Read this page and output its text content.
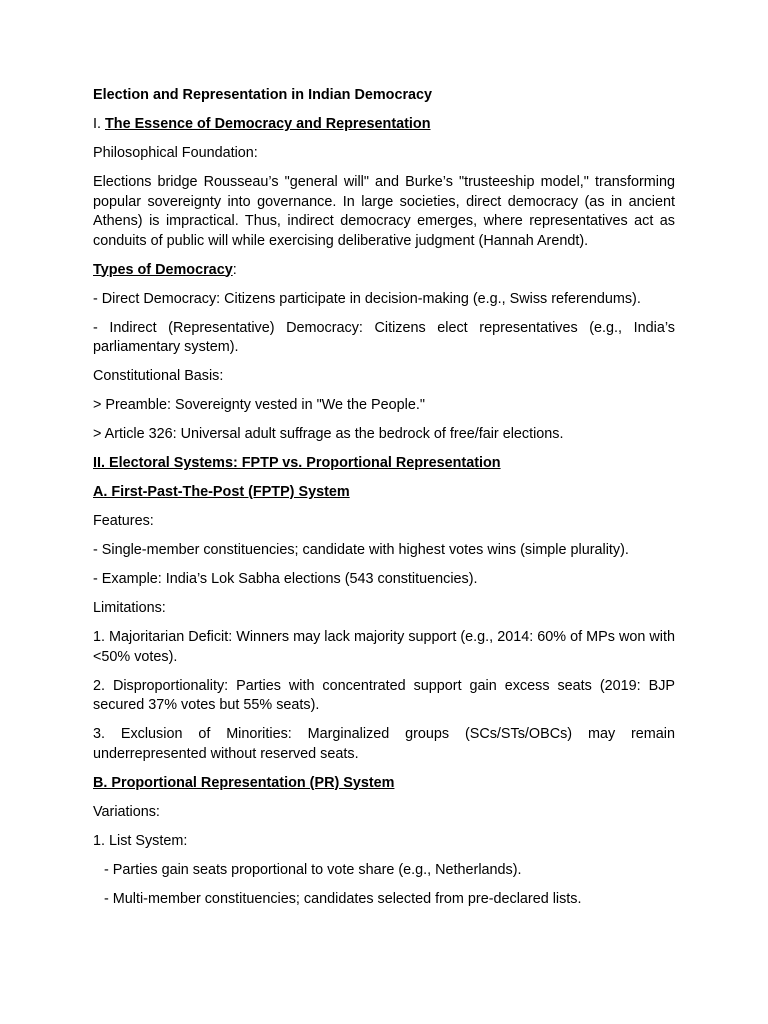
Election and Representation in Indian Democracy

I. The Essence of Democracy and Representation

Philosophical Foundation:

Elections bridge Rousseau’s "general will" and Burke’s "trusteeship model," transforming popular sovereignty into governance. In large societies, direct democracy (as in ancient Athens) is impractical. Thus, indirect democracy emerges, where representatives act as conduits of public will while exercising deliberative judgment (Hannah Arendt).

Types of Democracy:

- Direct Democracy: Citizens participate in decision-making (e.g., Swiss referendums).

- Indirect (Representative) Democracy: Citizens elect representatives (e.g., India’s parliamentary system).

Constitutional Basis:

> Preamble: Sovereignty vested in "We the People."

> Article 326: Universal adult suffrage as the bedrock of free/fair elections.

II. Electoral Systems: FPTP vs. Proportional Representation

A. First-Past-The-Post (FPTP) System

Features:

- Single-member constituencies; candidate with highest votes wins (simple plurality).

- Example: India’s Lok Sabha elections (543 constituencies).

Limitations:

1. Majoritarian Deficit: Winners may lack majority support (e.g., 2014: 60% of MPs won with <50% votes).

2. Disproportionality: Parties with concentrated support gain excess seats (2019: BJP secured 37% votes but 55% seats).

3. Exclusion of Minorities: Marginalized groups (SCs/STs/OBCs) may remain underrepresented without reserved seats.

B. Proportional Representation (PR) System

Variations:

1. List System:

- Parties gain seats proportional to vote share (e.g., Netherlands).

- Multi-member constituencies; candidates selected from pre-declared lists.
